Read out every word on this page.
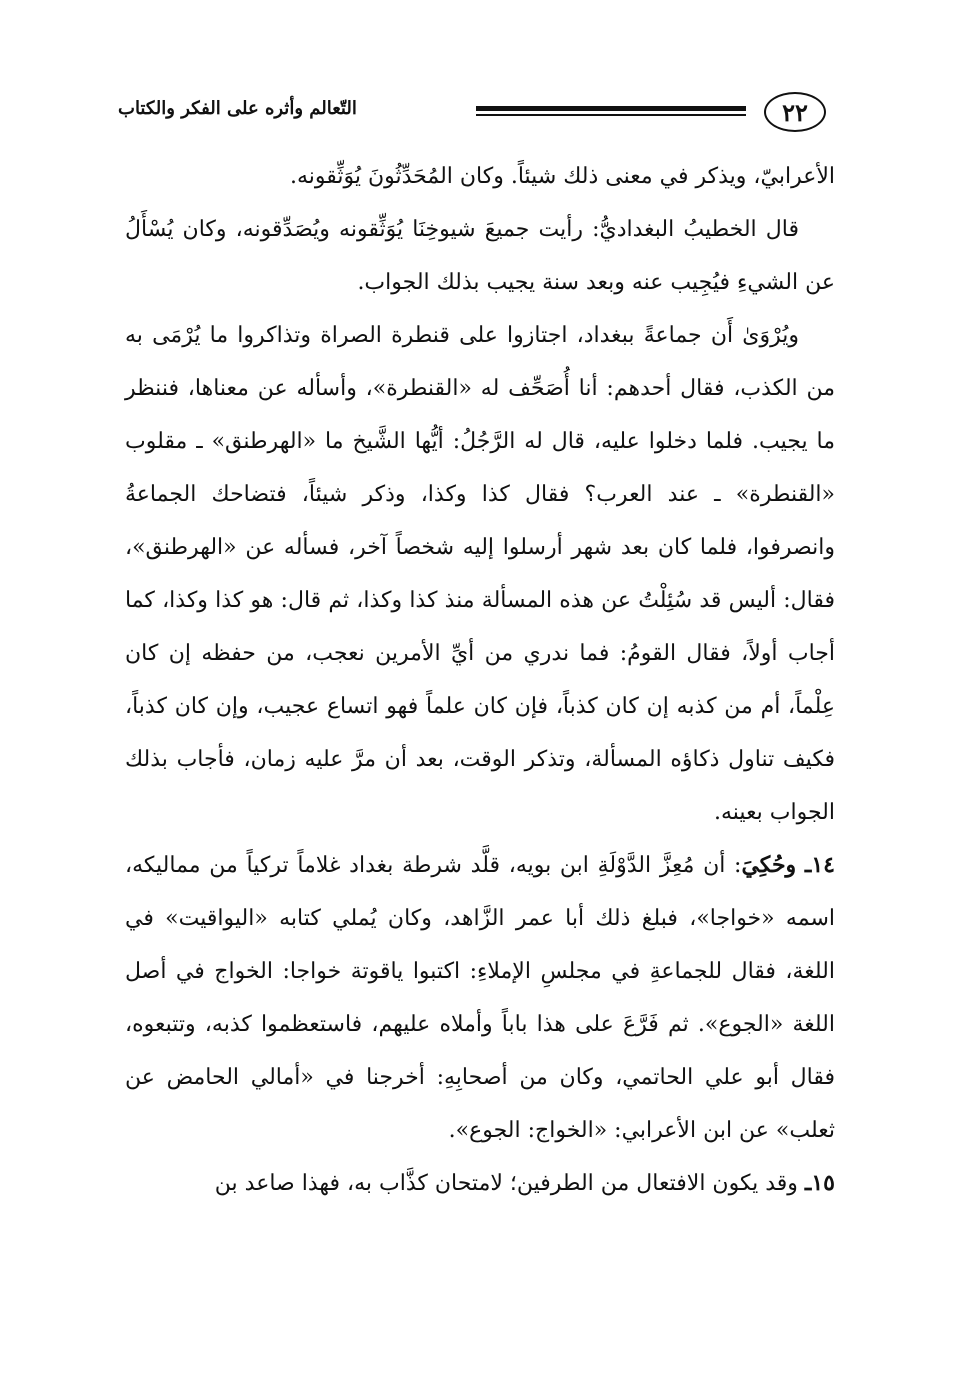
٢٢
التّعالم وأثره على الفكر والكتاب

الأعرابيّ، ويذكر في معنى ذلك شيئاً. وكان المُحَدِّثُونَ يُوَثِّقونه.

قال الخطيبُ البغداديُّ: رأيت جميعَ شيوخِنَا يُوَثِّقونه ويُصَدِّقونه، وكان يُسْأَلُ عن الشيءِ فيُجِيب عنه وبعد سنة يجيب بذلك الجواب.

ويُرْوَىٰ أَن جماعةً ببغداد، اجتازوا على قنطرة الصراة وتذاكروا ما يُرْمَى به من الكذب، فقال أحدهم: أنا أُصَحِّف له «القنطرة»، وأسأله عن معناها، فننظر ما يجيب. فلما دخلوا عليه، قال له الرَّجُلُ: أيُّها الشَّيخ ما «الهرطنق» ـ مقلوب «القنطرة» ـ عند العرب؟ فقال كذا وكذا، وذكر شيئاً، فتضاحك الجماعةُ وانصرفوا، فلما كان بعد شهر أرسلوا إليه شخصاً آخر، فسأله عن «الهرطنق»، فقال: أليس قد سُئِلْتُ عن هذه المسألة منذ كذا وكذا، ثم قال: هو كذا وكذا، كما أجاب أولاً، فقال القومُ: فما ندري من أيِّ الأمرين نعجب، من حفظه إن كان عِلْماً، أم من كذبه إن كان كذباً، فإن كان علماً فهو اتساع عجيب، وإن كان كذباً، فكيف تناول ذكاؤه المسألة، وتذكر الوقت، بعد أن مرَّ عليه زمان، فأجاب بذلك الجواب بعينه.

١٤ـ وحُكِيَ: أن مُعِزَّ الدَّوْلَةِ ابن بويه، قلَّد شرطة بغداد غلاماً تركياً من مماليكه، اسمه «خواجا»، فبلغ ذلك أبا عمر الزَّاهد، وكان يُملي كتابه «اليواقيت» في اللغة، فقال للجماعةِ في مجلسِ الإملاءِ: اكتبوا ياقوتة خواجا: الخواج في أصل اللغة «الجوع». ثم فَرَّعَ على هذا باباً وأملاه عليهم، فاستعظموا كذبه، وتتبعوه، فقال أبو علي الحاتمي، وكان من أصحابِهِ: أخرجنا في «أمالي الحامض عن ثعلب» عن ابن الأعرابي: «الخواج: الجوع».

١٥ـ وقد يكون الافتعال من الطرفين؛ لامتحان كذَّاب به، فهذا صاعد بن
